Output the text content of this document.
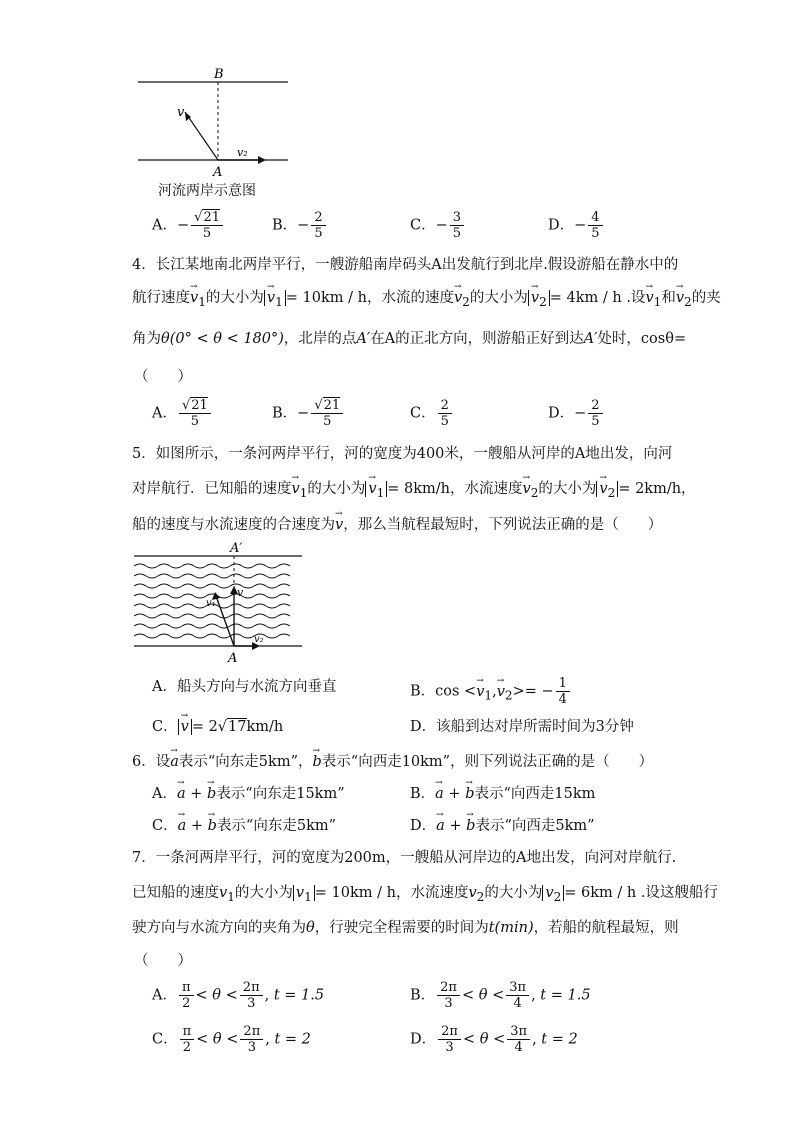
B
A
v
v₂
河流两岸示意图
A．− $\frac{√21}{5}$	B．− $\frac{2}{5}$	C．− $\frac{3}{5}$	D．− $\frac{4}{5}$
4．长江某地南北两岸平行，一艘游船南岸码头A出发航行到北岸.假设游船在静水中的
航行速度→ $v_1$的大小为 → $v_1 = 10km / h$，水流的速度→ $v_2$的大小为 → $v_2 = 4km / h$ .设→ $v_1$和→ $v_2$的夹
角为θ(0° < θ < 180°)，北岸的点A′在A的正北方向，则游船正好到达A′处时，cosθ=
（　　）
A． $\frac{√21}{5}$	B．− $\frac{√21}{5}$	C． $\frac{2}{5}$	D．− $\frac{2}{5}$
5．如图所示，一条河两岸平行，河的宽度为400米，一艘船从河岸的A地出发，向河
对岸航行．已知船的速度→ $v_1$的大小为 → $v_1 = 8km/h$，水流速度→ $v_2$的大小为 → $v_2 = 2km/h$，
船的速度与水流速度的合速度为→ v，那么当航程最短时，下列说法正确的是（　　）
A′
A
v
v₁
v₂
A．船头方向与水流方向垂直	B．$\cos <\to v_1,\to v_2>= - \frac{1}{4}$
C． → v = 2√17km/h	D．该船到达对岸所需时间为3分钟
6．设→ a表示“向东走5km”，→ b表示“向西走10km”，则下列说法正确的是（　　）
A．→ a + → b表示“向东走15km”	B．→ a + → b表示“向西走15km
C．→ a + → b表示“向东走5km”	D．→ a + → b表示“向西走5km”
7．一条河两岸平行，河的宽度为200m，一艘船从河岸边的A地出发，向河对岸航行.
已知船的速度$v_1$的大小为 $v_1 = 10km / h$，水流速度$v_2$的大小为 $v_2 = 6km / h$ .设这艘船行
驶方向与水流方向的夹角为θ，行驶完全程需要的时间为t(min)，若船的航程最短，则
（　　）
A． $\frac{\pi}{2} < \theta < \frac{2\pi}{3}$ , t = 1.5	B． $\frac{2\pi}{3} < \theta < \frac{3\pi}{4}$ , t = 1.5
C． $\frac{\pi}{2} < \theta < \frac{2\pi}{3}$ , t = 2	D． $\frac{2\pi}{3} < \theta < \frac{3\pi}{4}$ , t = 2
